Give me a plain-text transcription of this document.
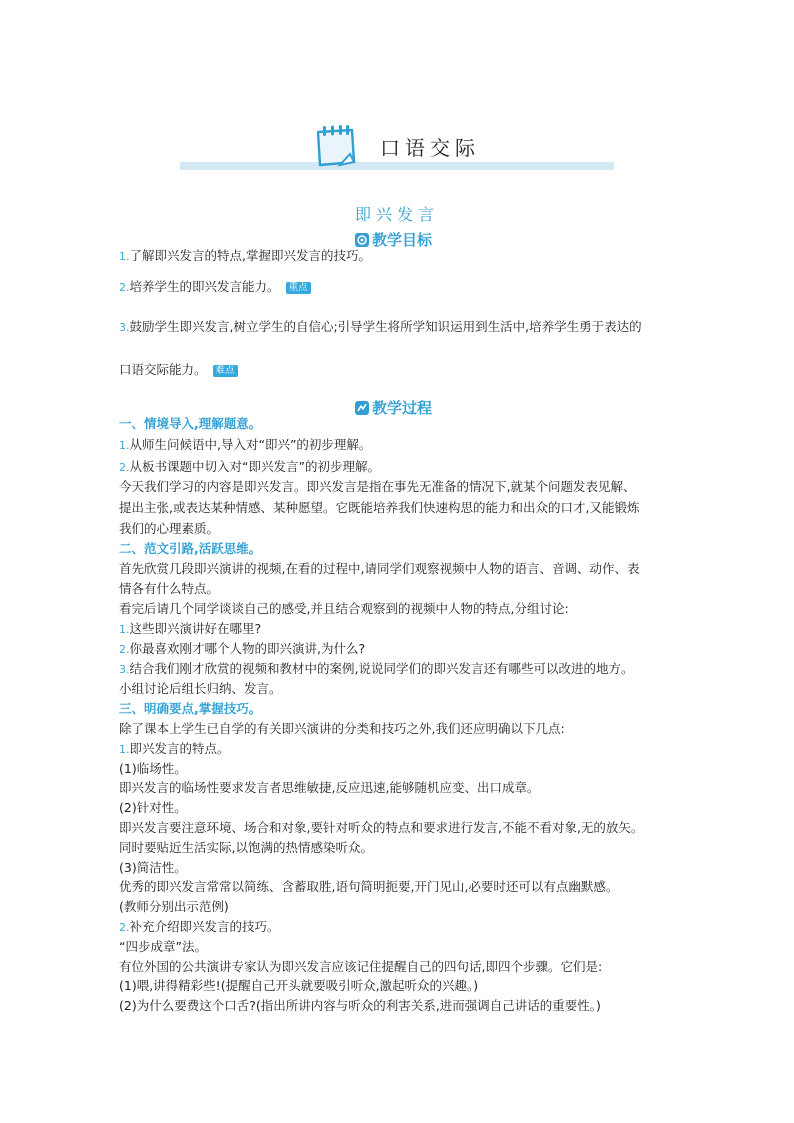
口语交际
即兴发言
教学目标
1.了解即兴发言的特点,掌握即兴发言的技巧。
2.培养学生的即兴发言能力。 重点
3.鼓励学生即兴发言,树立学生的自信心;引导学生将所学知识运用到生活中,培养学生勇于表达的
口语交际能力。 难点
教学过程
一、情境导入,理解题意。
1.从师生问候语中,导入对“即兴”的初步理解。
2.从板书课题中切入对“即兴发言”的初步理解。
今天我们学习的内容是即兴发言。即兴发言是指在事先无准备的情况下,就某个问题发表见解、
提出主张,或表达某种情感、某种愿望。它既能培养我们快速构思的能力和出众的口才,又能锻炼
我们的心理素质。
二、范文引路,活跃思维。
首先欣赏几段即兴演讲的视频,在看的过程中,请同学们观察视频中人物的语言、音调、动作、表
情各有什么特点。
看完后请几个同学谈谈自己的感受,并且结合观察到的视频中人物的特点,分组讨论:
1.这些即兴演讲好在哪里?
2.你最喜欢刚才哪个人物的即兴演讲,为什么?
3.结合我们刚才欣赏的视频和教材中的案例,说说同学们的即兴发言还有哪些可以改进的地方。
小组讨论后组长归纳、发言。
三、明确要点,掌握技巧。
除了课本上学生已自学的有关即兴演讲的分类和技巧之外,我们还应明确以下几点:
1.即兴发言的特点。
(1)临场性。
即兴发言的临场性要求发言者思维敏捷,反应迅速,能够随机应变、出口成章。
(2)针对性。
即兴发言要注意环境、场合和对象,要针对听众的特点和要求进行发言,不能不看对象,无的放矢。
同时要贴近生活实际,以饱满的热情感染听众。
(3)简洁性。
优秀的即兴发言常常以简练、含蓄取胜,语句简明扼要,开门见山,必要时还可以有点幽默感。
(教师分别出示范例)
2.补充介绍即兴发言的技巧。
“四步成章”法。
有位外国的公共演讲专家认为即兴发言应该记住提醒自己的四句话,即四个步骤。它们是:
(1)喂,讲得精彩些!(提醒自己开头就要吸引听众,激起听众的兴趣。)
(2)为什么要费这个口舌?(指出所讲内容与听众的利害关系,进而强调自己讲话的重要性。)
